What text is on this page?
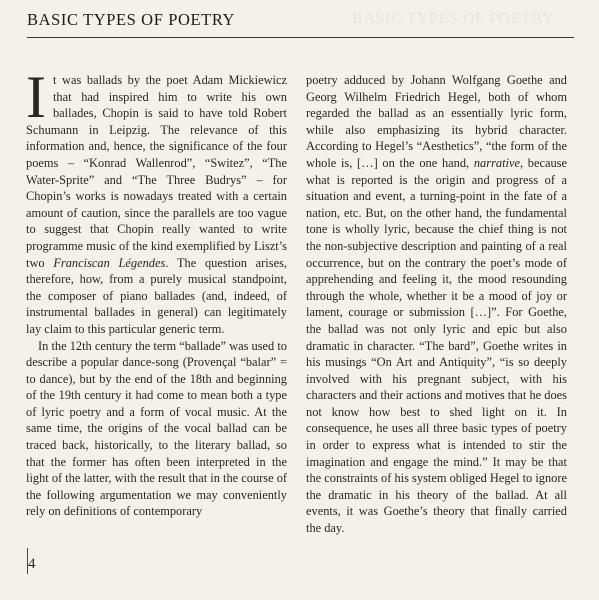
BASIC TYPES OF POETRY
BASIC TYPES OF POETRY

It was ballads by the poet Adam Mickiewicz that had inspired him to write his own ballades, Chopin is said to have told Robert Schumann in Leipzig. The relevance of this information and, hence, the significance of the four poems – “Konrad Wallenrod”, “Switez”, “The Water-Sprite” and “The Three Budrys” – for Chopin’s works is nowadays treated with a certain amount of caution, since the parallels are too vague to suggest that Chopin really wanted to write programme music of the kind exemplified by Liszt’s two Franciscan Légendes. The question arises, therefore, how, from a purely musical standpoint, the composer of piano ballades (and, indeed, of instrumental ballades in general) can legitimately lay claim to this particular generic term.

In the 12th century the term “ballade” was used to describe a popular dance-song (Provençal “balar” = to dance), but by the end of the 18th and beginning of the 19th century it had come to mean both a type of lyric poetry and a form of vocal music. At the same time, the origins of the vocal ballad can be traced back, historically, to the literary ballad, so that the former has often been interpreted in the light of the latter, with the result that in the course of the following argumentation we may conveniently rely on definitions of contemporary

poetry adduced by Johann Wolfgang Goethe and Georg Wilhelm Friedrich Hegel, both of whom regarded the ballad as an essentially lyric form, while also emphasizing its hybrid character. According to Hegel’s “Aesthetics”, “the form of the whole is, […] on the one hand, narrative, because what is reported is the origin and progress of a situation and event, a turning-point in the fate of a nation, etc. But, on the other hand, the fundamental tone is wholly lyric, because the chief thing is not the non-subjective description and painting of a real occurrence, but on the contrary the poet’s mode of apprehending and feeling it, the mood resounding through the whole, whether it be a mood of joy or lament, courage or submission […]”. For Goethe, the ballad was not only lyric and epic but also dramatic in character. “The bard”, Goethe writes in his musings “On Art and Antiquity”, “is so deeply involved with his pregnant subject, with his characters and their actions and motives that he does not know how best to shed light on it. In consequence, he uses all three basic types of poetry in order to express what is intended to stir the imagination and engage the mind.” It may be that the constraints of his system obliged Hegel to ignore the dramatic in his theory of the ballad. At all events, it was Goethe’s theory that finally carried the day.

4
